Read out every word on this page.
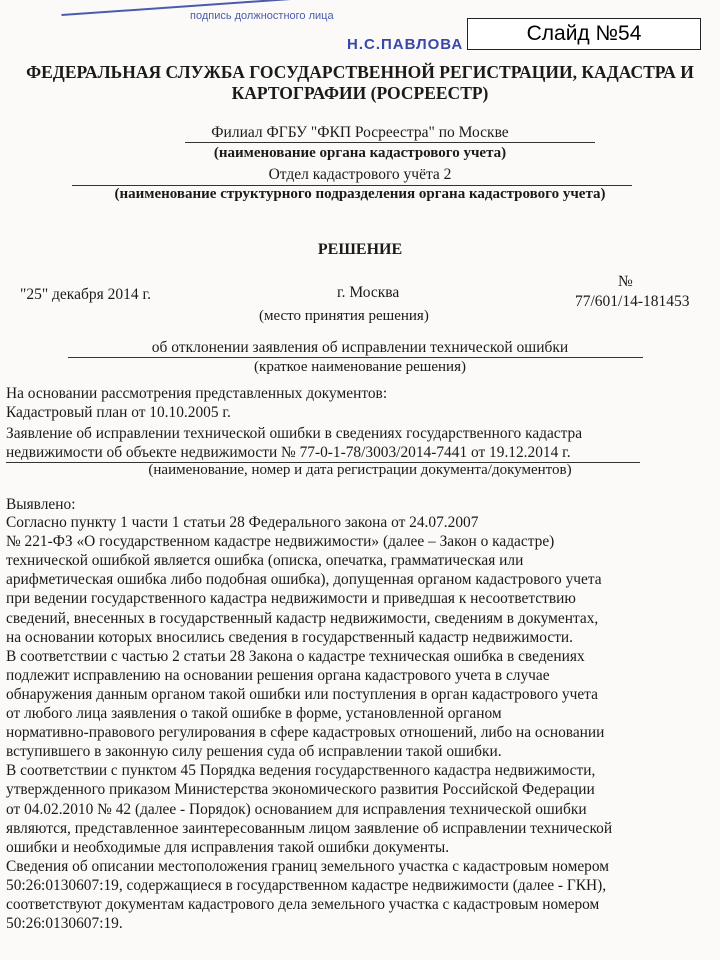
подпись должностного лица
Н.С.ПАВЛОВА	Слайд №54
ФЕДЕРАЛЬНАЯ СЛУЖБА ГОСУДАРСТВЕННОЙ РЕГИСТРАЦИИ, КАДАСТРА И
КАРТОГРАФИИ (РОСРЕЕСТР)
Филиал ФГБУ "ФКП Росреестра" по Москве
(наименование органа кадастрового учета)
Отдел кадастрового учёта 2
(наименование структурного подразделения органа кадастрового учета)
РЕШЕНИЕ
"25" декабря 2014 г.	г. Москва
(место принятия решения)
№
77/601/14-181453
об отклонении заявления об исправлении технической ошибки
(краткое наименование решения)
На основании рассмотрения представленных документов:
Кадастровый план от 10.10.2005 г.
Заявление об исправлении технической ошибки в сведениях государственного кадастра
недвижимости об объекте недвижимости № 77-0-1-78/3003/2014-7441 от 19.12.2014 г.
(наименование, номер и дата регистрации документа/документов)
Выявлено:
Согласно пункту 1 части 1 статьи 28 Федерального закона от 24.07.2007
№ 221-ФЗ «О государственном кадастре недвижимости» (далее – Закон о кадастре)
технической ошибкой является ошибка (описка, опечатка, грамматическая или
арифметическая ошибка либо подобная ошибка), допущенная органом кадастрового учета
при ведении государственного кадастра недвижимости и приведшая к несоответствию
сведений, внесенных в государственный кадастр недвижимости, сведениям в документах,
на основании которых вносились сведения в государственный кадастр недвижимости.
В соответствии с частью 2 статьи 28 Закона о кадастре техническая ошибка в сведениях
подлежит исправлению на основании решения органа кадастрового учета в случае
обнаружения данным органом такой ошибки или поступления в орган кадастрового учета
от любого лица заявления о такой ошибке в форме, установленной органом
нормативно-правового регулирования в сфере кадастровых отношений, либо на основании
вступившего в законную силу решения суда об исправлении такой ошибки.
В соответствии с пунктом 45 Порядка ведения государственного кадастра недвижимости,
утвержденного приказом Министерства экономического развития Российской Федерации
от 04.02.2010 № 42 (далее - Порядок) основанием для исправления технической ошибки
являются, представленное заинтересованным лицом заявление об исправлении технической
ошибки и необходимые для исправления такой ошибки документы.
Сведения об описании местоположения границ земельного участка с кадастровым номером
50:26:0130607:19, содержащиеся в государственном кадастре недвижимости (далее - ГКН),
соответствуют документам кадастрового дела земельного участка с кадастровым номером
50:26:0130607:19.
